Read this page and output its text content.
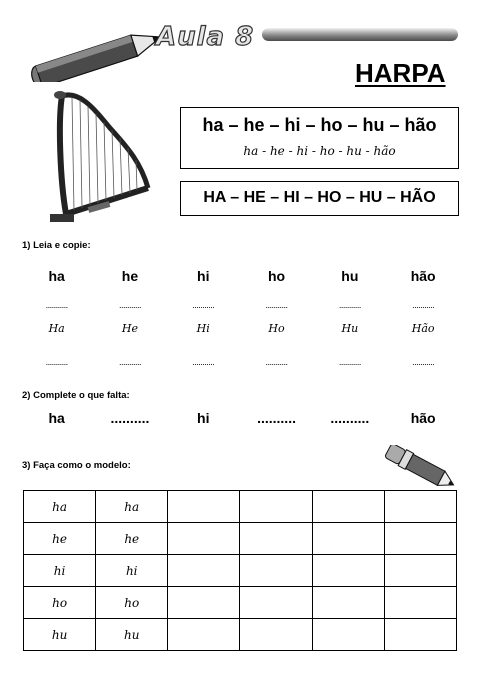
Aula 8
HARPA
ha – he – hi – ho – hu – hão
ha - he - hi - ho - hu - hão
HA – HE – HI – HO – HU – HÃO
1) Leia e copie:
ha	he	hi	ho	hu	hão
...........	...........	...........	...........	...........	...........
Ha	He	Hi	Ho	Hu	Hão
...........	...........	...........	...........	...........	...........
2) Complete o que falta:
ha	..........	hi	..........	..........	hão
3) Faça como o modelo:
ha	ha				
he	he				
hi	hi				
ho	ho				
hu	hu				
